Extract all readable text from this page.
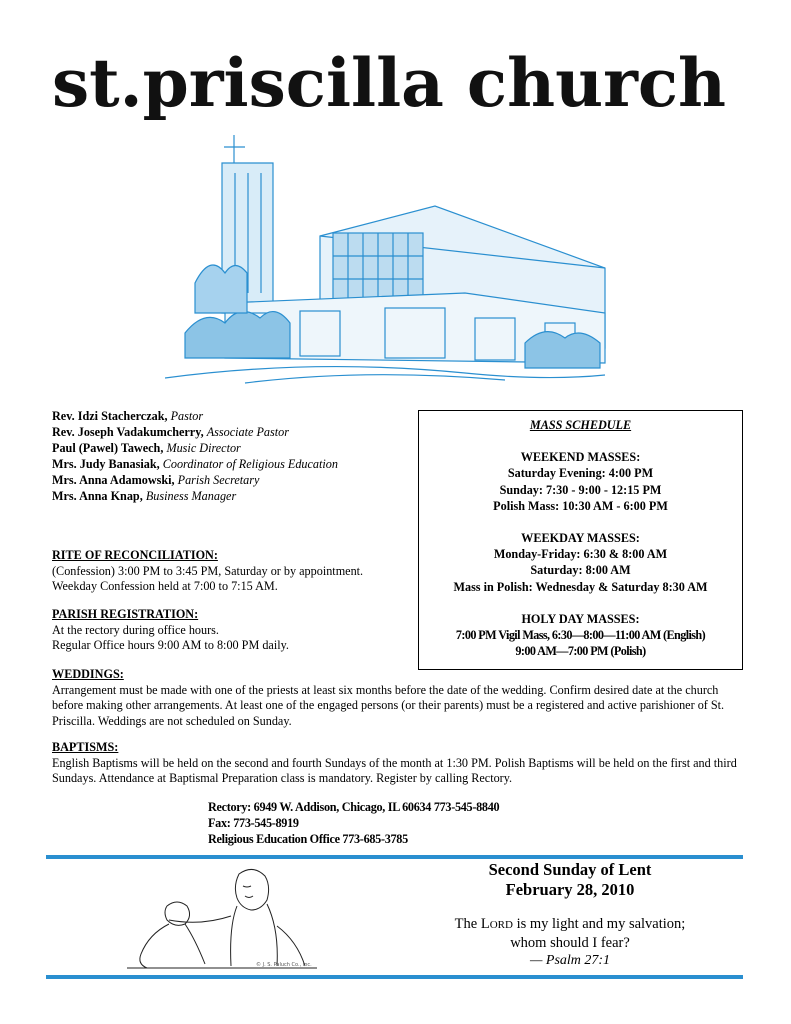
st.priscilla church
Rev. Idzi Stacherczak, Pastor
Rev. Joseph Vadakumcherry, Associate Pastor
Paul (Pawel) Tawech, Music Director
Mrs. Judy Banasiak, Coordinator of Religious Education
Mrs. Anna Adamowski, Parish Secretary
Mrs. Anna Knap, Business Manager
MASS SCHEDULE
WEEKEND MASSES:
Saturday Evening: 4:00 PM
Sunday: 7:30 - 9:00 - 12:15 PM
Polish Mass: 10:30 AM - 6:00 PM
WEEKDAY MASSES:
Monday-Friday: 6:30 & 8:00 AM
Saturday: 8:00 AM
Mass in Polish: Wednesday & Saturday 8:30 AM
HOLY DAY MASSES:
7:00 PM Vigil Mass, 6:30—8:00—11:00 AM (English)
9:00 AM—7:00 PM (Polish)
RITE OF RECONCILIATION:
(Confession) 3:00 PM to 3:45 PM, Saturday or by appointment.
Weekday Confession held at 7:00 to 7:15 AM.
PARISH REGISTRATION:
At the rectory during office hours.
Regular Office hours 9:00 AM to 8:00 PM daily.
WEDDINGS:
Arrangement must be made with one of the priests at least six months before the date of the wedding. Confirm desired date at the church before making other arrangements. At least one of the engaged persons (or their parents) must be a registered and active parishioner of St. Priscilla. Weddings are not scheduled on Sunday.
BAPTISMS:
English Baptisms will be held on the second and fourth Sundays of the month at 1:30 PM. Polish Baptisms will be held on the first and third Sundays. Attendance at Baptismal Preparation class is mandatory. Register by calling Rectory.
Rectory: 6949 W. Addison, Chicago, IL 60634 773-545-8840
Fax: 773-545-8919
Religious Education Office 773-685-3785
© J. S. Paluch Co., Inc.
Second Sunday of Lent
February 28, 2010
The LORD is my light and my salvation;
whom should I fear?
— Psalm 27:1
